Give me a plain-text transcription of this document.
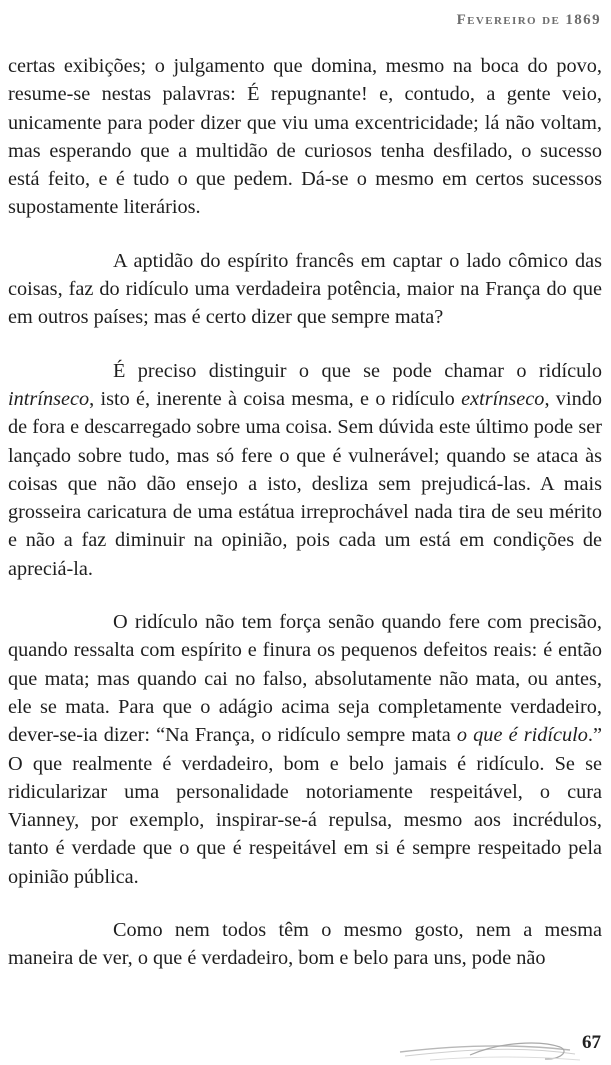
Fevereiro de 1869

certas exibições; o julgamento que domina, mesmo na boca do povo, resume-se nestas palavras: É repugnante! e, contudo, a gente veio, unicamente para poder dizer que viu uma excentricidade; lá não voltam, mas esperando que a multidão de curiosos tenha desfilado, o sucesso está feito, e é tudo o que pedem. Dá-se o mesmo em certos sucessos supostamente literários.

A aptidão do espírito francês em captar o lado cômico das coisas, faz do ridículo uma verdadeira potência, maior na França do que em outros países; mas é certo dizer que sempre mata?

É preciso distinguir o que se pode chamar o ridículo intrínseco, isto é, inerente à coisa mesma, e o ridículo extrínseco, vindo de fora e descarregado sobre uma coisa. Sem dúvida este último pode ser lançado sobre tudo, mas só fere o que é vulnerável; quando se ataca às coisas que não dão ensejo a isto, desliza sem prejudicá-las. A mais grosseira caricatura de uma estátua irreprochável nada tira de seu mérito e não a faz diminuir na opinião, pois cada um está em condições de apreciá-la.

O ridículo não tem força senão quando fere com precisão, quando ressalta com espírito e finura os pequenos defeitos reais: é então que mata; mas quando cai no falso, absolutamente não mata, ou antes, ele se mata. Para que o adágio acima seja completamente verdadeiro, dever-se-ia dizer: “Na França, o ridículo sempre mata o que é ridículo.” O que realmente é verdadeiro, bom e belo jamais é ridículo. Se se ridicularizar uma personalidade notoriamente respeitável, o cura Vianney, por exemplo, inspirar-se-á repulsa, mesmo aos incrédulos, tanto é verdade que o que é respeitável em si é sempre respeitado pela opinião pública.

Como nem todos têm o mesmo gosto, nem a mesma maneira de ver, o que é verdadeiro, bom e belo para uns, pode não

67
